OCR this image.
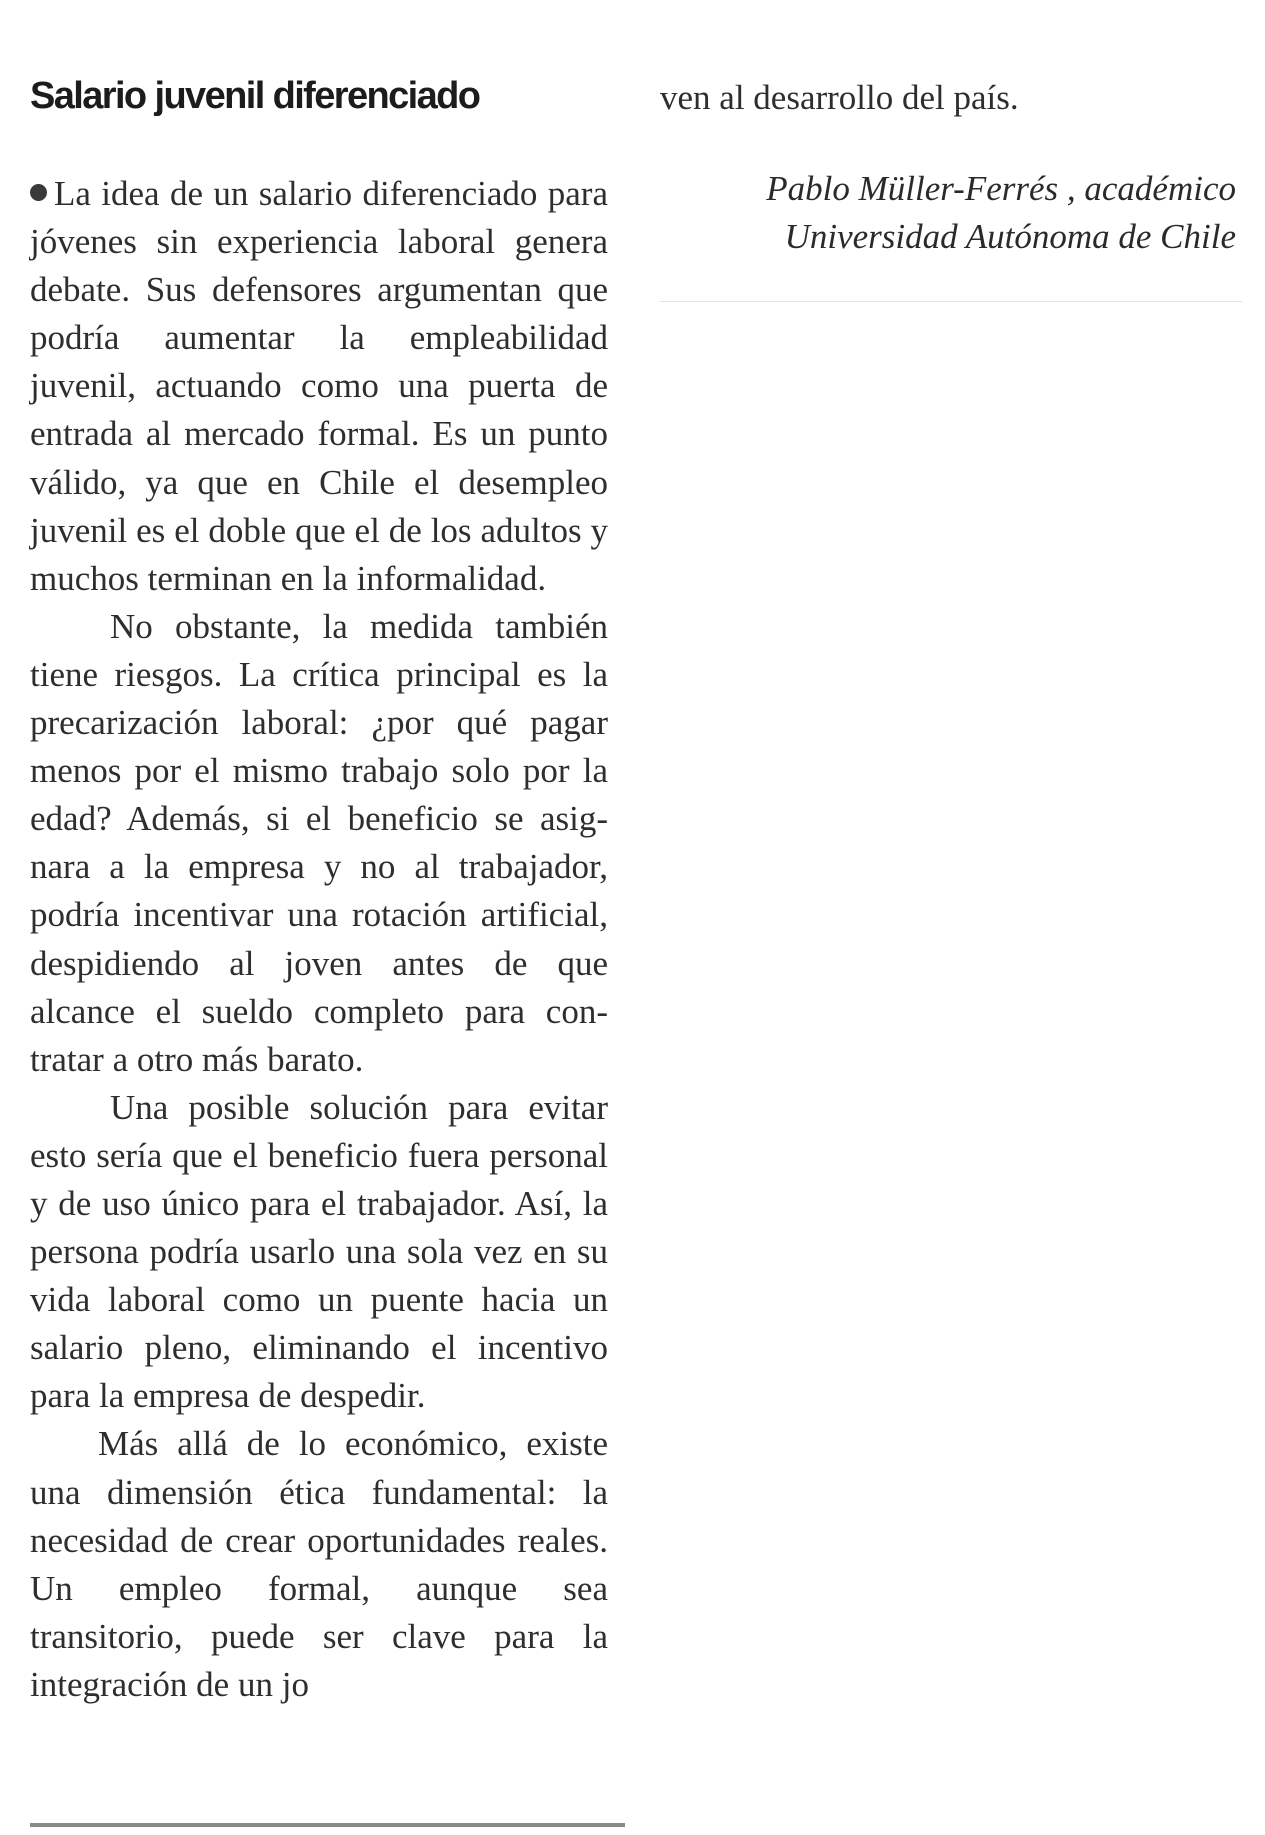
Salario juvenil diferenciado

La idea de un salario diferenciado para jóvenes sin experiencia laboral genera debate. Sus defensores argumentan que podría aumentar la empleabilidad juvenil, actuando como una puerta de entrada al mercado formal. Es un punto válido, ya que en Chile el desempleo juvenil es el doble que el de los adultos y muchos terminan en la informalidad.

No obstante, la medida también tiene riesgos. La crítica principal es la precarización laboral: ¿por qué pagar menos por el mismo trabajo solo por la edad? Además, si el beneficio se asignara a la empresa y no al trabajador, podría incentivar una rotación artificial, despidiendo al joven antes de que alcance el sueldo completo para contratar a otro más barato.

Una posible solución para evitar esto sería que el beneficio fuera personal y de uso único para el trabajador. Así, la persona podría usarlo una sola vez en su vida laboral como un puente hacia un salario pleno, eliminando el incentivo para la empresa de despedir.

Más allá de lo económico, existe una dimensión ética fundamental: la necesidad de crear oportunidades reales. Un empleo formal, aunque sea transitorio, puede ser clave para la integración de un jo

ven al desarrollo del país.

Pablo Müller-Ferrés , académico
Universidad Autónoma de Chile
